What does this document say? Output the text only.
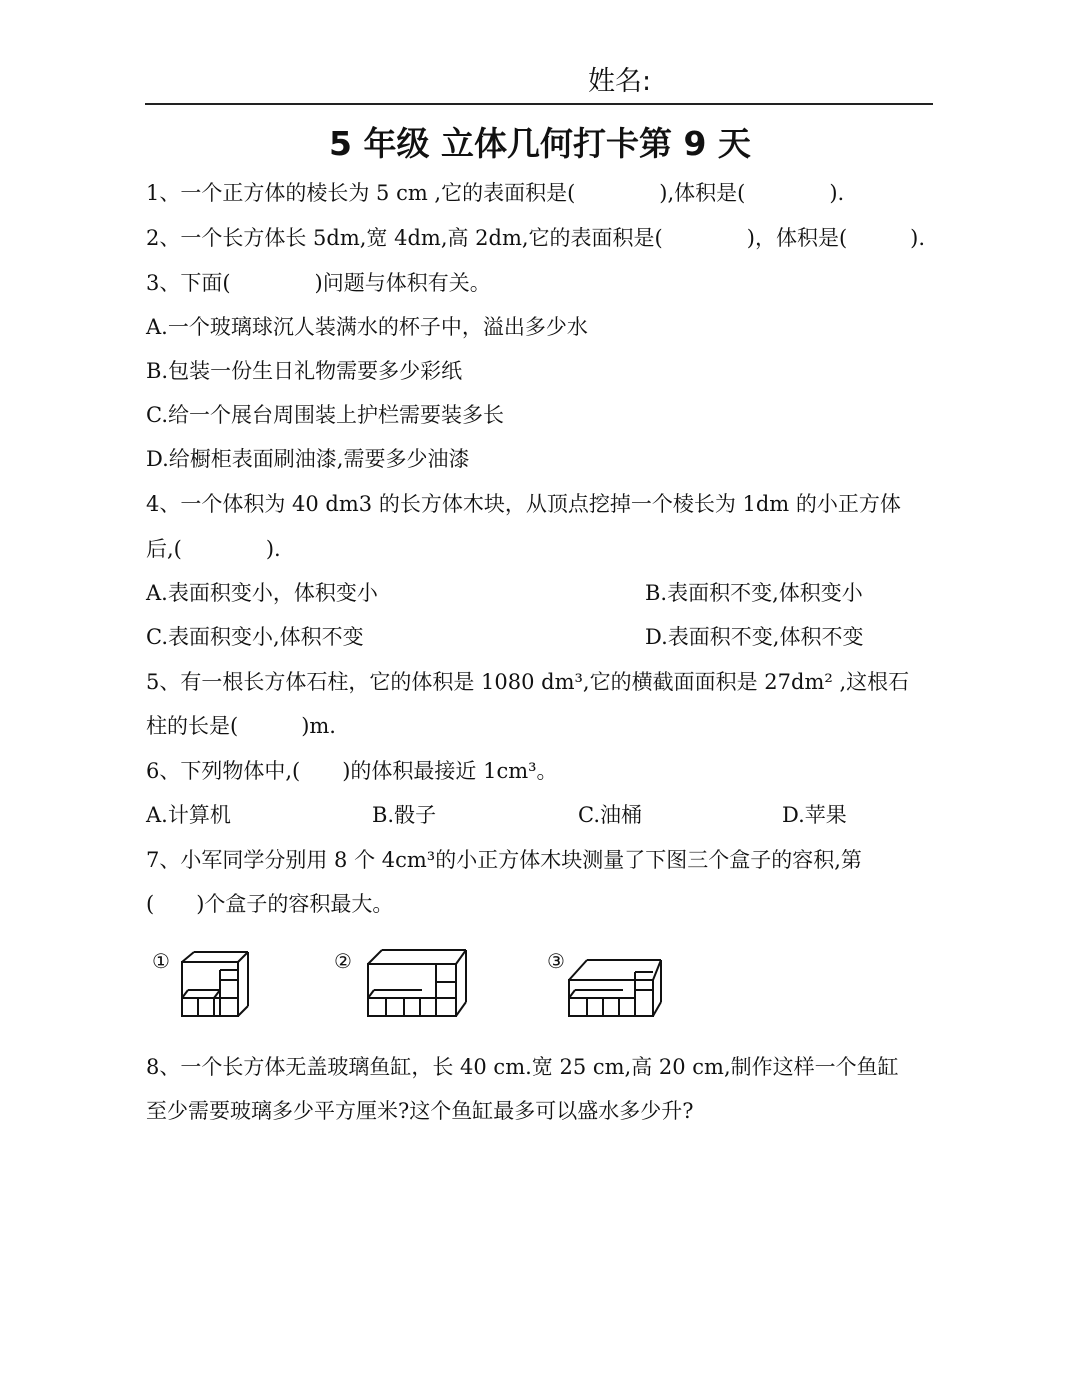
姓名:
5 年级 立体几何打卡第 9 天
1、一个正方体的棱长为 5 cm ,它的表面积是(　　　　),体积是(　　　　).
2、一个长方体长 5dm,宽 4dm,高 2dm,它的表面积是(　　　　)，体积是(　　　).
3、下面(　　　　)问题与体积有关。
A.一个玻璃球沉人装满水的杯子中，溢出多少水
B.包装一份生日礼物需要多少彩纸
C.给一个展台周围装上护栏需要装多长
D.给橱柜表面刷油漆,需要多少油漆
4、一个体积为 40 dm3 的长方体木块，从顶点挖掉一个棱长为 1dm 的小正方体
后,(　　　　).
A.表面积变小，体积变小	B.表面积不变,体积变小
C.表面积变小,体积不变	D.表面积不变,体积不变
5、有一根长方体石柱，它的体积是 1080 dm³,它的横截面面积是 27dm² ,这根石
柱的长是(　　　)m.
6、下列物体中,(　　)的体积最接近 1cm³。
A.计算机	B.骰子	C.油桶	D.苹果
7、小军同学分别用 8 个 4cm³的小正方体木块测量了下图三个盒子的容积,第
(　　)个盒子的容积最大。
①	②	③
8、一个长方体无盖玻璃鱼缸，长 40 cm.宽 25 cm,高 20 cm,制作这样一个鱼缸
至少需要玻璃多少平方厘米?这个鱼缸最多可以盛水多少升?
